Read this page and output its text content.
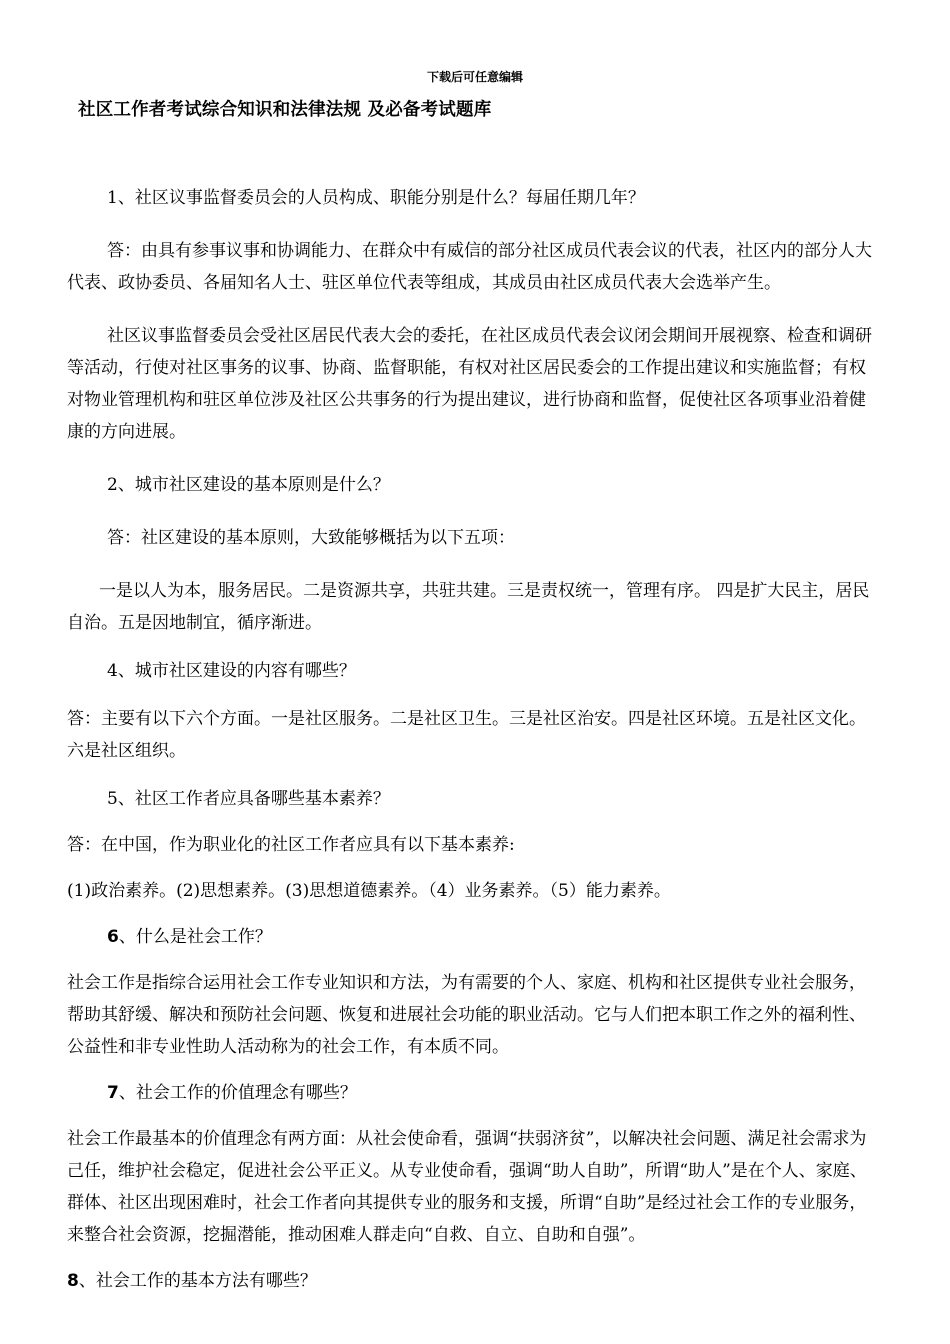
下载后可任意编辑
社区工作者考试综合知识和法律法规 及必备考试题库

1、社区议事监督委员会的人员构成、职能分别是什么？每届任期几年？

答：由具有参事议事和协调能力、在群众中有威信的部分社区成员代表会议的代表，社区内的部分人大代表、政协委员、各届知名人士、驻区单位代表等组成，其成员由社区成员代表大会选举产生。

社区议事监督委员会受社区居民代表大会的委托，在社区成员代表会议闭会期间开展视察、检查和调研等活动，行使对社区事务的议事、协商、监督职能，有权对社区居民委会的工作提出建议和实施监督；有权对物业管理机构和驻区单位涉及社区公共事务的行为提出建议，进行协商和监督，促使社区各项事业沿着健康的方向进展。

2、城市社区建设的基本原则是什么？

答：社区建设的基本原则，大致能够概括为以下五项：

一是以人为本，服务居民。二是资源共享，共驻共建。三是责权统一，管理有序。 四是扩大民主，居民自治。五是因地制宜，循序渐进。

4、城市社区建设的内容有哪些？

答：主要有以下六个方面。一是社区服务。二是社区卫生。三是社区治安。四是社区环境。五是社区文化。六是社区组织。

5、社区工作者应具备哪些基本素养？

答：在中国，作为职业化的社区工作者应具有以下基本素养:

(1)政治素养。(2)思想素养。(3)思想道德素养。（4）业务素养。（5）能力素养。

6、什么是社会工作？

社会工作是指综合运用社会工作专业知识和方法，为有需要的个人、家庭、机构和社区提供专业社会服务，帮助其舒缓、解决和预防社会问题、恢复和进展社会功能的职业活动。它与人们把本职工作之外的福利性、公益性和非专业性助人活动称为的社会工作，有本质不同。

7、社会工作的价值理念有哪些？

社会工作最基本的价值理念有两方面：从社会使命看，强调“扶弱济贫”，以解决社会问题、满足社会需求为己任，维护社会稳定，促进社会公平正义。从专业使命看，强调“助人自助”，所谓“助人”是在个人、家庭、群体、社区出现困难时，社会工作者向其提供专业的服务和支援，所谓“自助”是经过社会工作的专业服务，来整合社会资源，挖掘潜能，推动困难人群走向“自救、自立、自助和自强”。

8、社会工作的基本方法有哪些？
